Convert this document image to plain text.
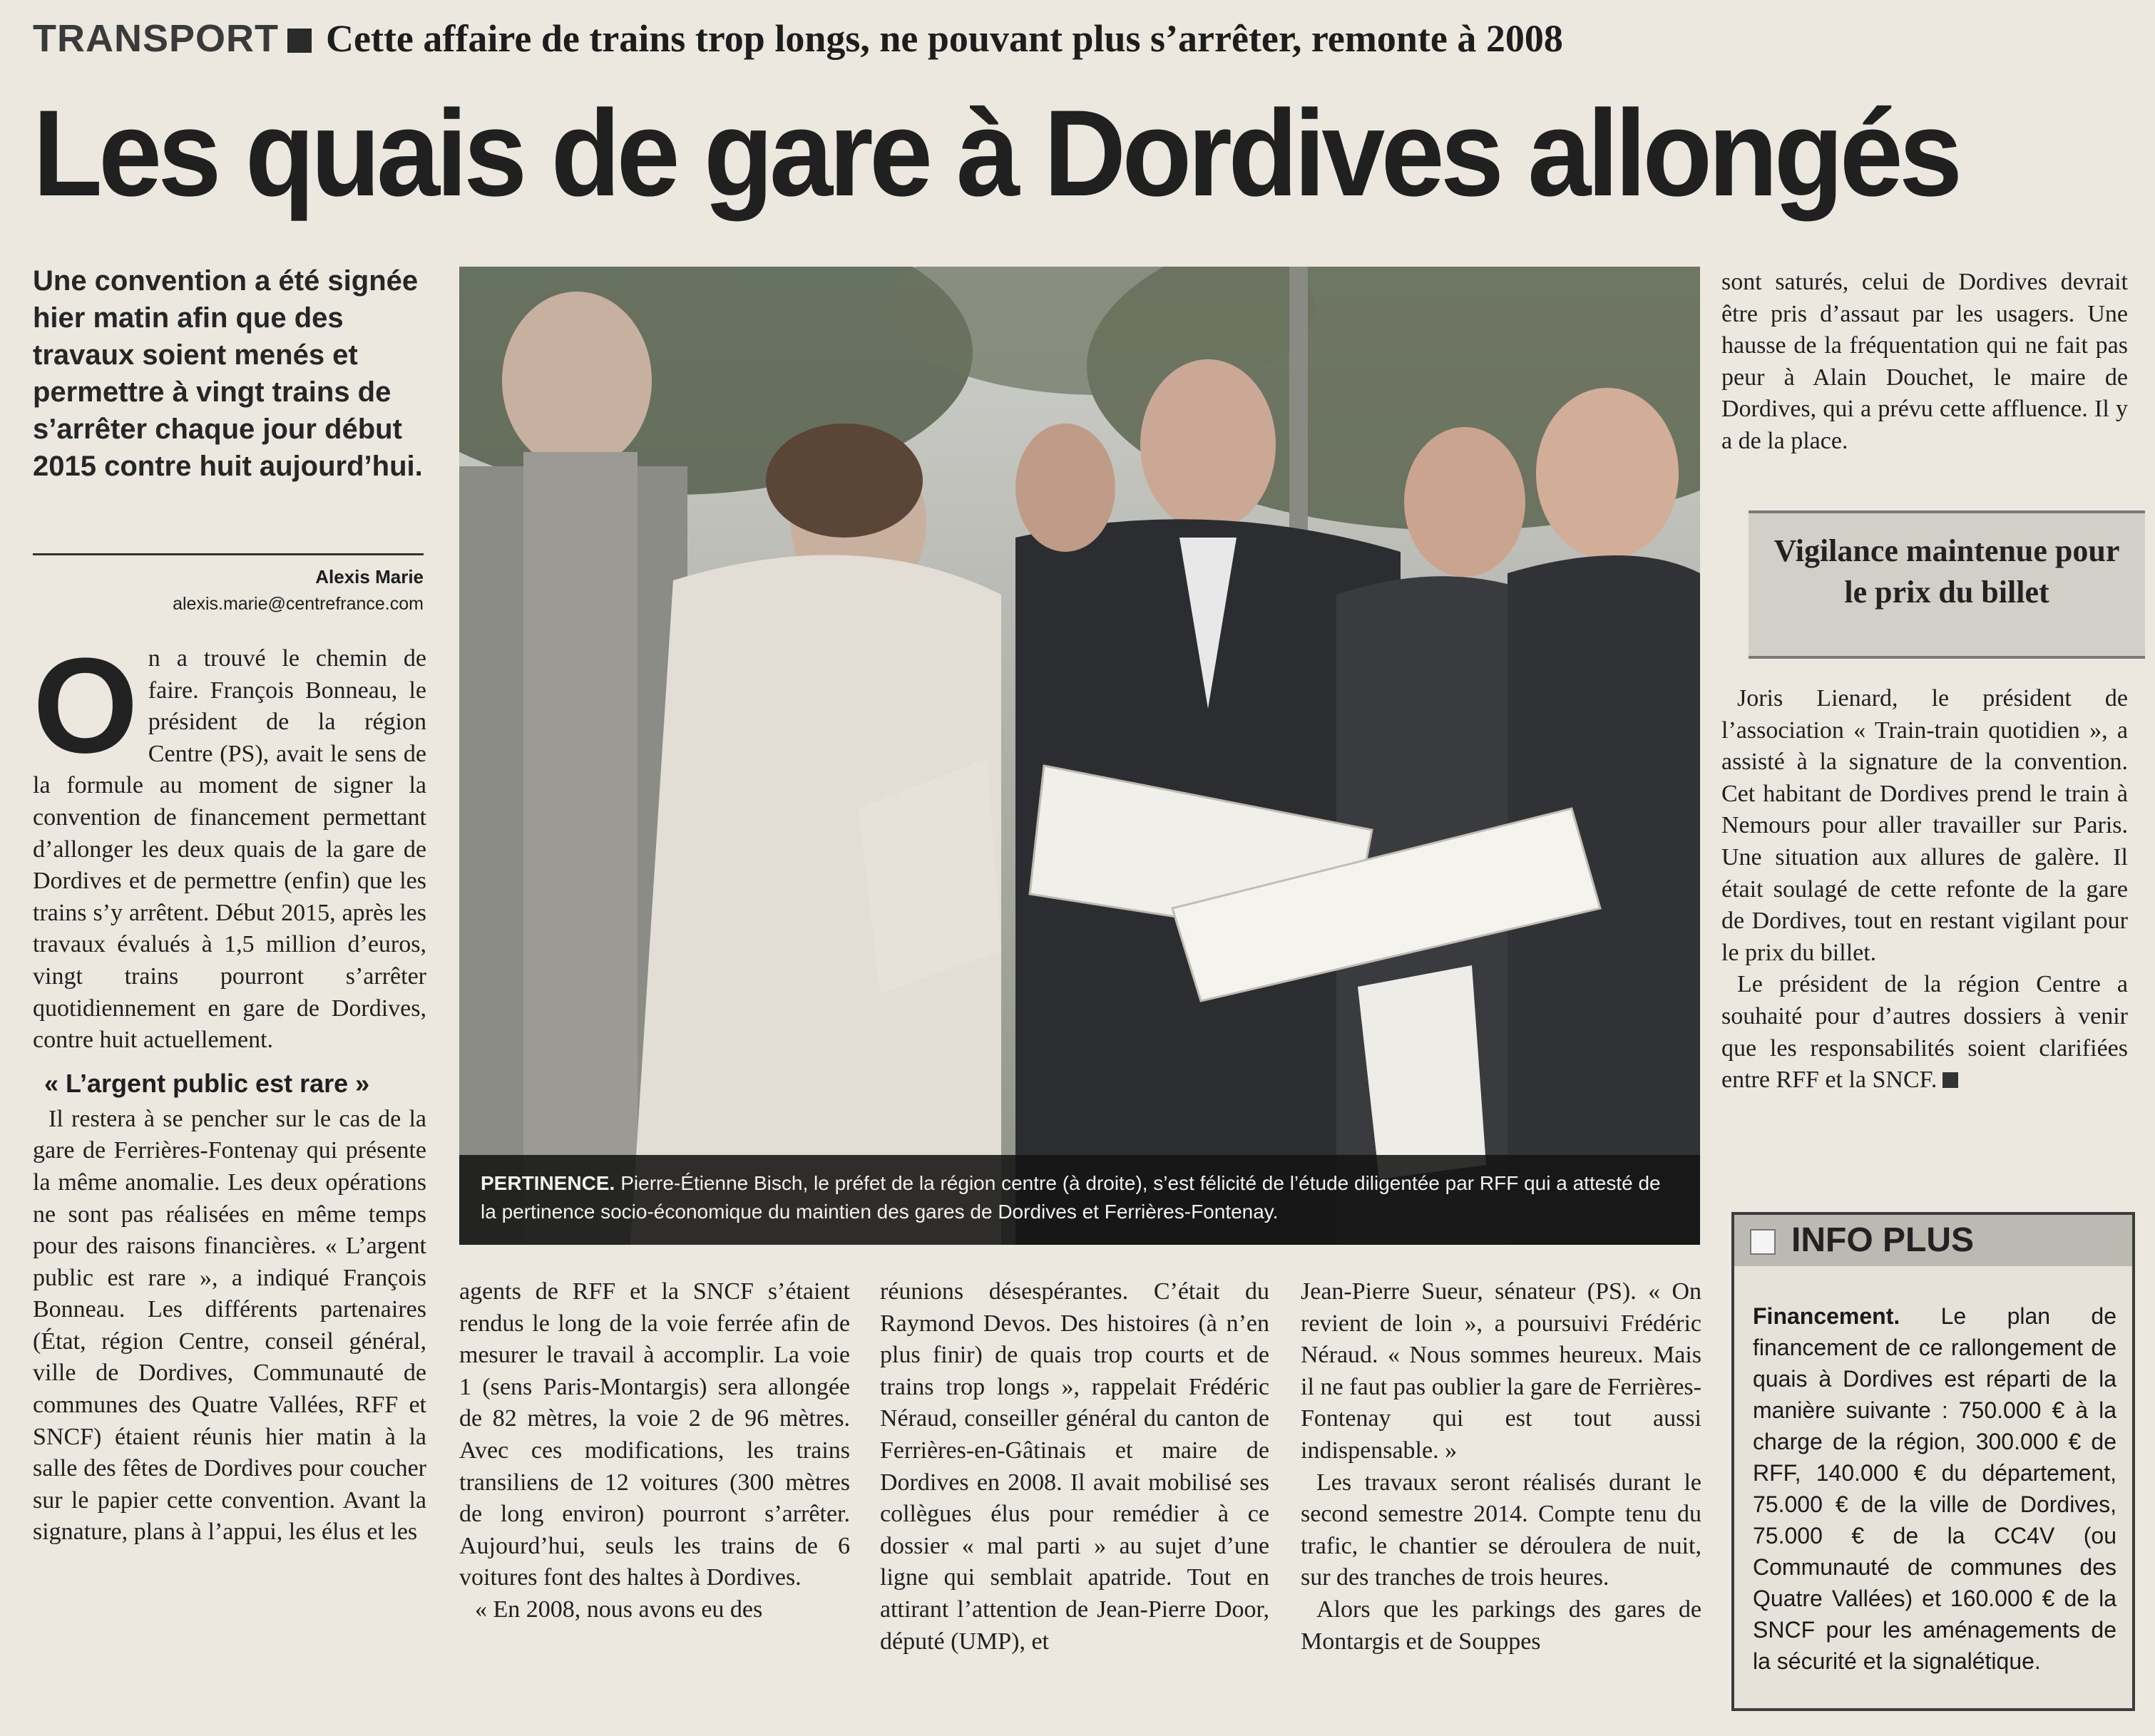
TRANSPORT Cette affaire de trains trop longs, ne pouvant plus s’arrêter, remonte à 2008
Les quais de gare à Dordives allongés
Une convention a été signée hier matin afin que des travaux soient menés et permettre à vingt trains de s’arrêter chaque jour début 2015 contre huit aujourd’hui.
Alexis Marie
alexis.marie@centrefrance.com
O n a trouvé le chemin de faire. François Bonneau, le président de la région Centre (PS), avait le sens de la formule au moment de signer la convention de financement permettant d’allonger les deux quais de la gare de Dordives et de permettre (enfin) que les trains s’y arrêtent. Début 2015, après les travaux évalués à 1,5 million d’euros, vingt trains pourront s’arrêter quotidiennement en gare de Dordives, contre huit actuellement.

« L’argent public est rare »

Il restera à se pencher sur le cas de la gare de Ferrières-Fontenay qui présente la même anomalie. Les deux opérations ne sont pas réalisées en même temps pour des raisons financières. « L’argent public est rare », a indiqué François Bonneau. Les différents partenaires (État, région Centre, conseil général, ville de Dordives, Communauté de communes des Quatre Vallées, RFF et SNCF) étaient réunis hier matin à la salle des fêtes de Dordives pour coucher sur le papier cette convention. Avant la signature, plans à l’appui, les élus et les

PERTINENCE. Pierre-Étienne Bisch, le préfet de la région centre (à droite), s’est félicité de l’étude diligentée par RFF qui a attesté de la pertinence socio-économique du maintien des gares de Dordives et Ferrières-Fontenay.

agents de RFF et la SNCF s’étaient rendus le long de la voie ferrée afin de mesurer le travail à accomplir. La voie 1 (sens Paris-Montargis) sera allongée de 82 mètres, la voie 2 de 96 mètres. Avec ces modifications, les trains transiliens de 12 voitures (300 mètres de long environ) pourront s’arrêter. Aujourd’hui, seuls les trains de 6 voitures font des haltes à Dordives.

« En 2008, nous avons eu des

réunions désespérantes. C’était du Raymond Devos. Des histoires (à n’en plus finir) de quais trop courts et de trains trop longs », rappelait Frédéric Néraud, conseiller général du canton de Ferrières-en-Gâtinais et maire de Dordives en 2008. Il avait mobilisé ses collègues élus pour remédier à ce dossier « mal parti » au sujet d’une ligne qui semblait apatride. Tout en attirant l’attention de Jean-Pierre Door, député (UMP), et

Jean-Pierre Sueur, sénateur (PS). « On revient de loin », a poursuivi Frédéric Néraud. « Nous sommes heureux. Mais il ne faut pas oublier la gare de Ferrières-Fontenay qui est tout aussi indispensable. »

Les travaux seront réalisés durant le second semestre 2014. Compte tenu du trafic, le chantier se déroulera de nuit, sur des tranches de trois heures.

Alors que les parkings des gares de Montargis et de Souppes

sont saturés, celui de Dordives devrait être pris d’assaut par les usagers. Une hausse de la fréquentation qui ne fait pas peur à Alain Douchet, le maire de Dordives, qui a prévu cette affluence. Il y a de la place.

Vigilance maintenue pour le prix du billet

Joris Lienard, le président de l’association « Train-train quotidien », a assisté à la signature de la convention. Cet habitant de Dordives prend le train à Nemours pour aller travailler sur Paris. Une situation aux allures de galère. Il était soulagé de cette refonte de la gare de Dordives, tout en restant vigilant pour le prix du billet.

Le président de la région Centre a souhaité pour d’autres dossiers à venir que les responsabilités soient clarifiées entre RFF et la SNCF.

INFO PLUS
Financement. Le plan de financement de ce rallongement de quais à Dordives est réparti de la manière suivante : 750.000 € à la charge de la région, 300.000 € de RFF, 140.000 € du département, 75.000 € de la ville de Dordives, 75.000 € de la CC4V (ou Communauté de communes des Quatre Vallées) et 160.000 € de la SNCF pour les aménagements de la sécurité et la signalétique.
